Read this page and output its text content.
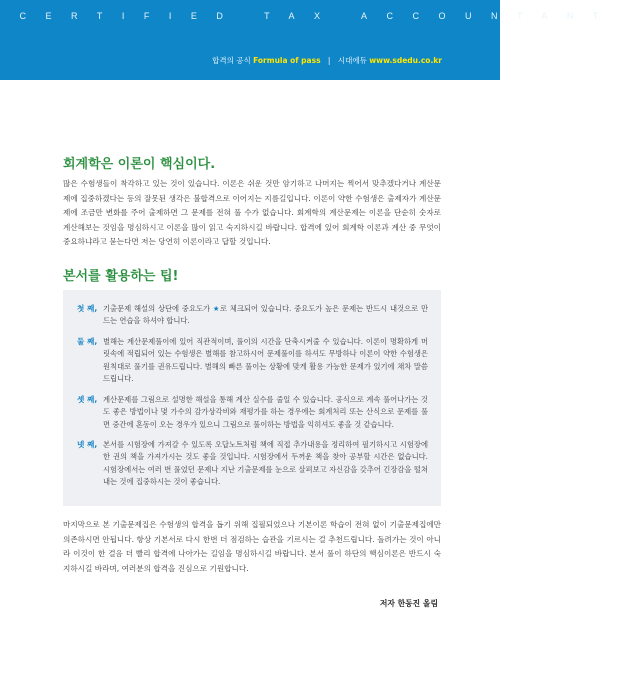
CERTIFIED TAX ACCOUNTANT
합격의 공식 Formula of pass | 시대에듀 www.sdedu.co.kr
회계학은 이론이 핵심이다.
많은 수험생들이 착각하고 있는 것이 있습니다. 이론은 쉬운 것만 암기하고 나머지는 찍어서 맞추겠다거나 계산문제에 집중하겠다는 등의 잘못된 생각은 불합격으로 이어지는 지름길입니다. 이론이 약한 수험생은 출제자가 계산문제에 조금만 변화를 주어 출제하면 그 문제를 전혀 풀 수가 없습니다. 회계학의 계산문제는 이론을 단순히 숫자로 계산해보는 것임을 명심하시고 이론을 많이 읽고 숙지하시길 바랍니다. 합격에 있어 회계학 이론과 계산 중 무엇이 중요하냐라고 묻는다면 저는 당연히 이론이라고 답할 것입니다.
본서를 활용하는 팁!
첫 째, 기출문제 해설의 상단에 중요도가 ★로 체크되어 있습니다. 중요도가 높은 문제는 반드시 내것으로 만드는 연습을 하셔야 합니다.
둘 째, 별해는 계산문제풀이에 있어 직관적이며, 풀이의 시간을 단축시켜줄 수 있습니다. 이론이 명확하게 머릿속에 적립되어 있는 수험생은 별해를 참고하시어 문제풀이를 하셔도 무방하나 이론이 약한 수험생은 원칙대로 풀기를 권유드립니다. 별해의 빠른 풀이는 상황에 맞게 활용 가능한 문제가 있기에 채차 말씀드립니다.
셋 째, 계산문제를 그림으로 설명한 해설을 통해 계산 실수를 줄일 수 있습니다. 공식으로 계속 풀어나가는 것도 좋은 방법이나 몇 가수의 감가상각비와 재평가를 하는 경우에는 회계처리 또는 산식으로 문제를 풀면 중간에 혼동이 오는 경우가 있으니 그림으로 풀이하는 방법을 익히셔도 좋을 것 같습니다.
넷 째, 본서를 시험장에 가져갈 수 있도록 오답노트처럼 책에 직접 추가내용을 정리하여 필기하시고 시험장에 한 권의 책을 가져가시는 것도 좋을 것입니다. 시험장에서 두꺼운 책을 찾아 공부할 시간은 없습니다. 시험장에서는 여러 번 풀었던 문제나 지난 기출문제를 눈으로 살펴보고 자신감을 갖추어 긴장감을 떨쳐내는 것에 집중하시는 것이 좋습니다.
마지막으로 본 기출문제집은 수험생의 합격을 돕기 위해 집필되었으나 기본이론 학습이 전혀 없이 기출문제집에만 의존하시면 안됩니다. 항상 기본서로 다시 한번 더 점검하는 습관을 기르시는 걸 추천드립니다. 돌려가는 것이 아니라 이것이 한 걸음 더 빨리 합격에 나아가는 길임을 명심하시길 바랍니다. 본서 풀이 하단의 핵심이론은 반드시 숙지하시길 바라며, 여러분의 합격을 진심으로 기원합니다.
저자 한동진 올림
